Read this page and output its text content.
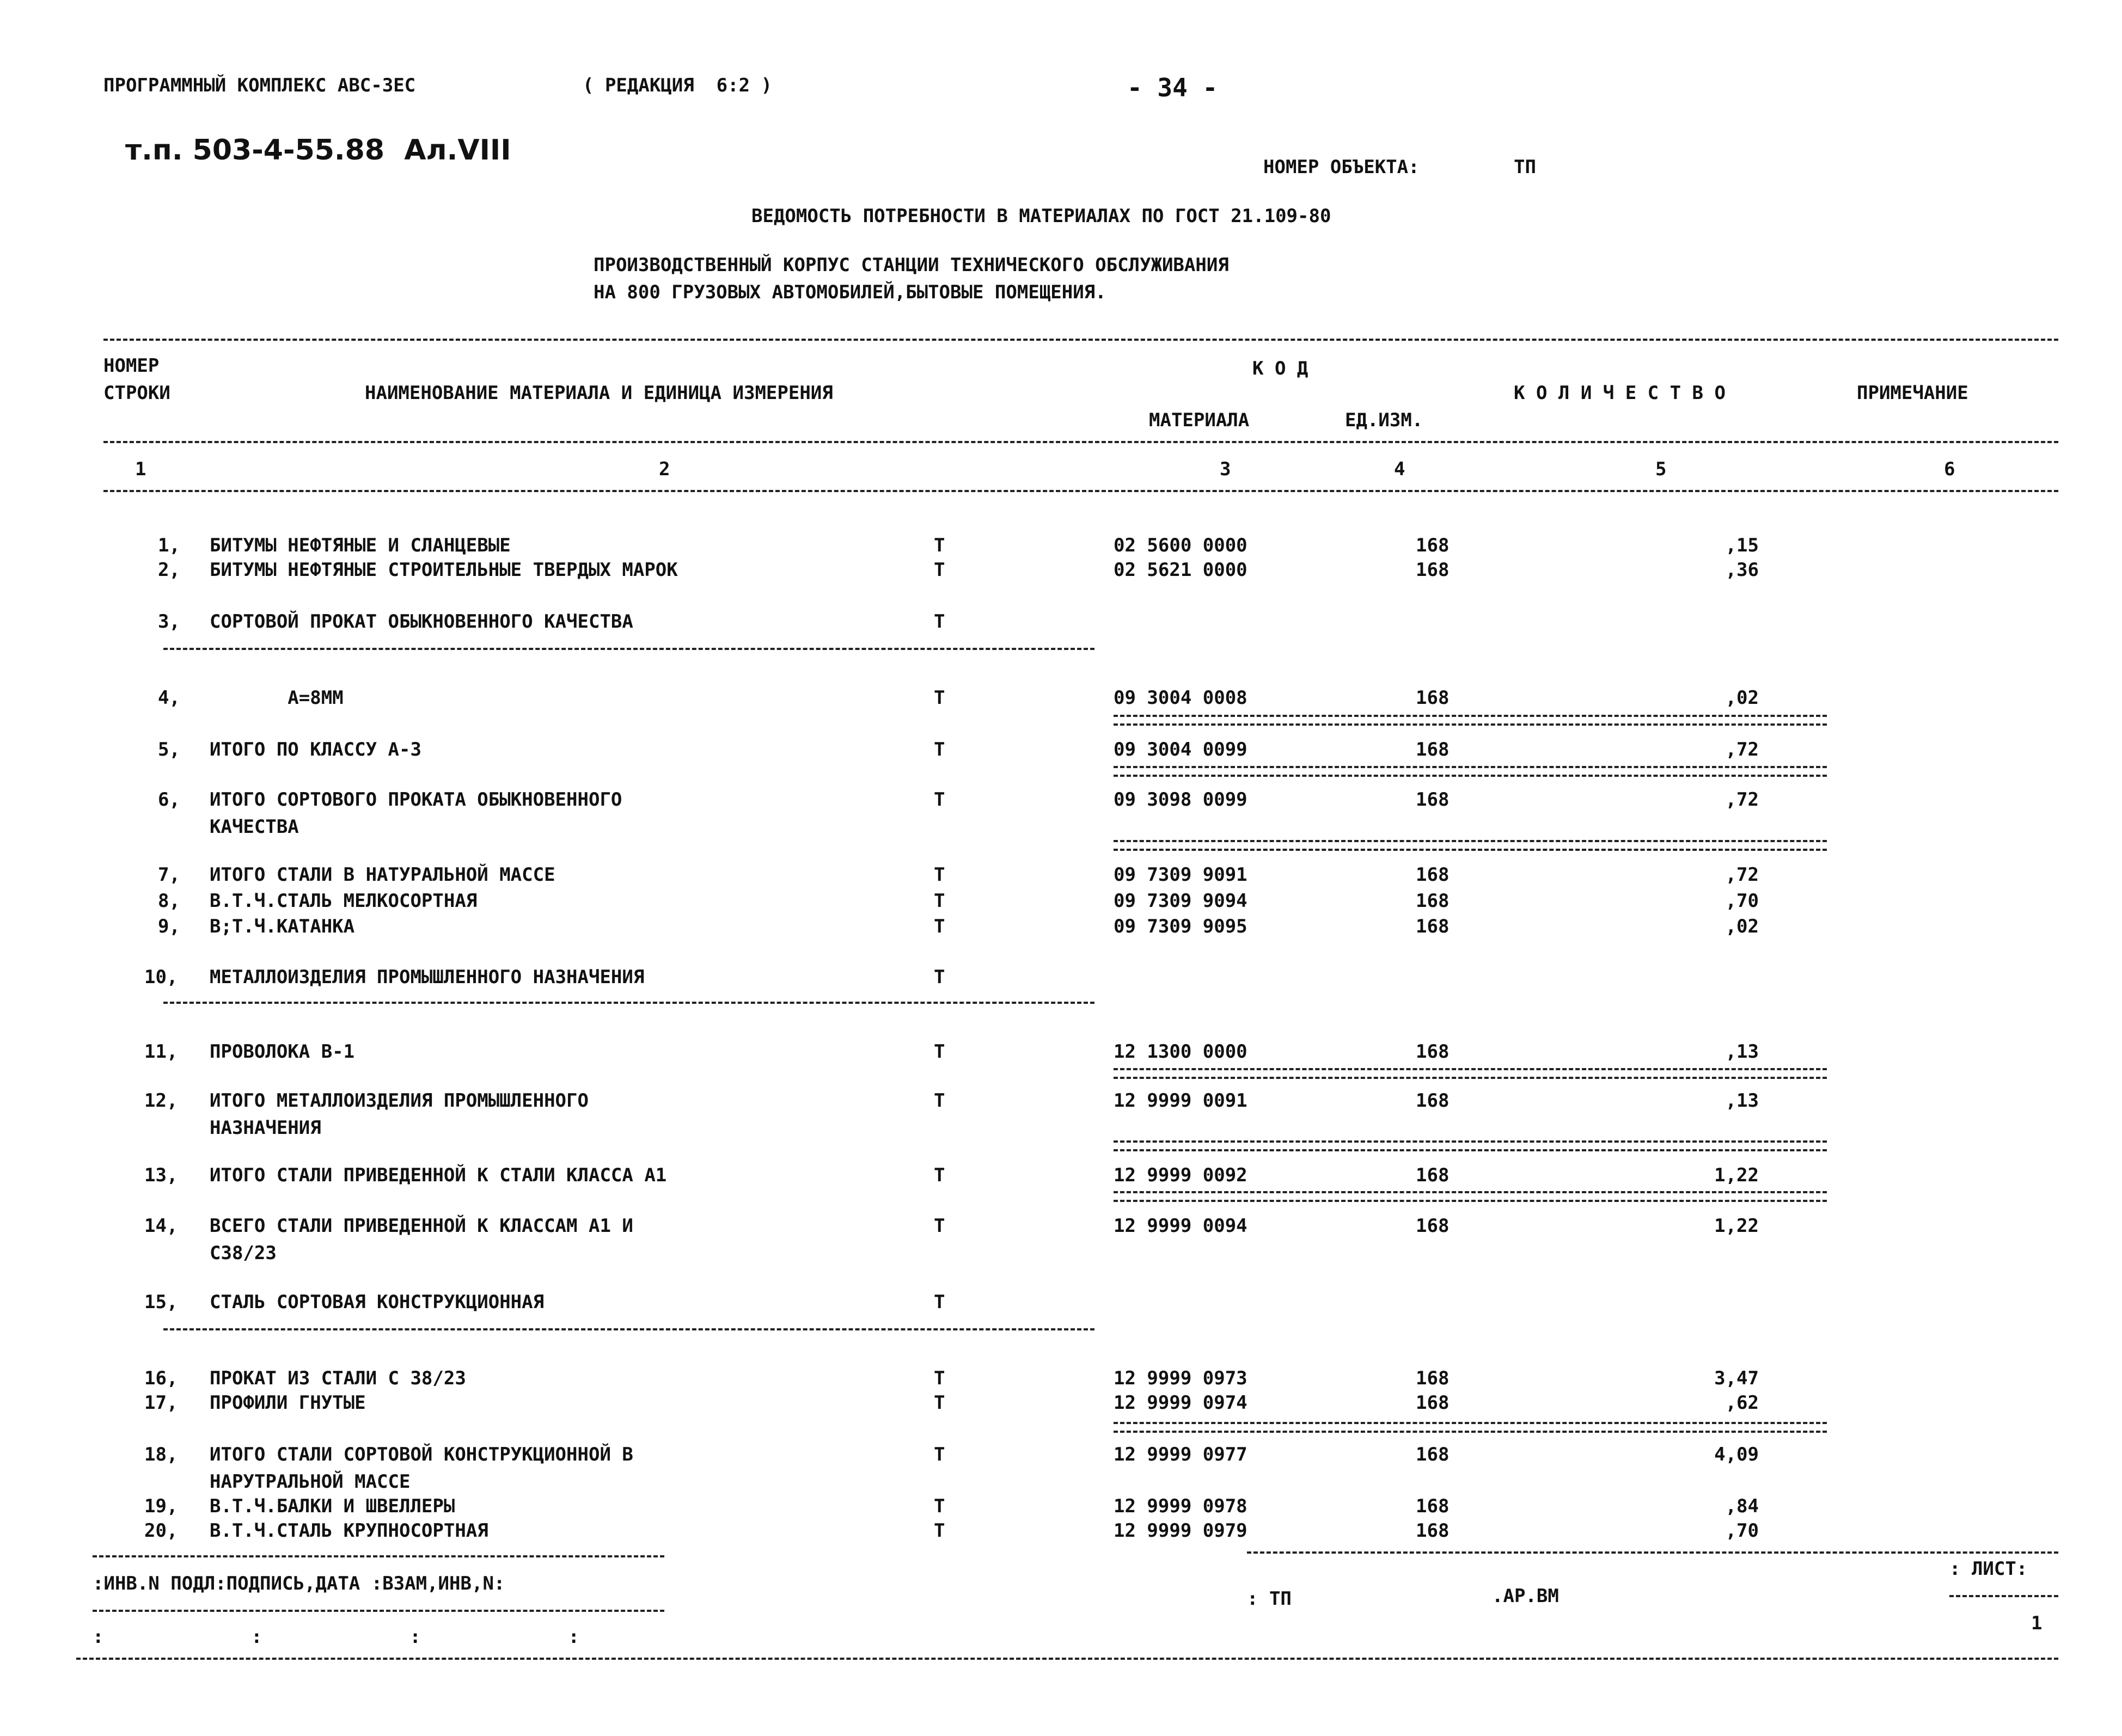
ПРОГРАММНЫЙ КОМПЛЕКС АВС-3ЕС	( РЕДАКЦИЯ  6:2 )	- 34 -
т.п. 503-4-55.88  Ал.VIII
НОМЕР ОБЪЕКТА:	ТП
ВЕДОМОСТЬ ПОТРЕБНОСТИ В МАТЕРИАЛАХ ПО ГОСТ 21.109-80
ПРОИЗВОДСТВЕННЫЙ КОРПУС СТАНЦИИ ТЕХНИЧЕСКОГО ОБСЛУЖИВАНИЯ
НА 800 ГРУЗОВЫХ АВТОМОБИЛЕЙ,БЫТОВЫЕ ПОМЕЩЕНИЯ.
НОМЕР
СТРОКИ	НАИМЕНОВАНИЕ МАТЕРИАЛА И ЕДИНИЦА ИЗМЕРЕНИЯ
К О Д
МАТЕРИАЛА	ЕД.ИЗМ.
К О Л И Ч Е С Т В О	ПРИМЕЧАНИЕ
1	2	3	4	5	6
1, БИТУМЫ НЕФТЯНЫЕ И СЛАНЦЕВЫЕ	Т	02 5600 0000	168	,15
2, БИТУМЫ НЕФТЯНЫЕ СТРОИТЕЛЬНЫЕ ТВЕРДЫХ МАРОК	Т	02 5621 0000	168	,36
3, СОРТОВОЙ ПРОКАТ ОБЫКНОВЕННОГО КАЧЕСТВА	Т
4, А=8ММ	Т	09 3004 0008	168	,02
5, ИТОГО ПО КЛАССУ А-3	Т	09 3004 0099	168	,72
6, ИТОГО СОРТОВОГО ПРОКАТА ОБЫКНОВЕННОГО
КАЧЕСТВА
Т	09 3098 0099	168	,72
7, ИТОГО СТАЛИ В НАТУРАЛЬНОЙ МАССЕ	Т	09 7309 9091	168	,72
8, В.Т.Ч.СТАЛЬ МЕЛКОСОРТНАЯ	Т	09 7309 9094	168	,70
9, В;Т.Ч.КАТАНКА	Т	09 7309 9095	168	,02
10, МЕТАЛЛОИЗДЕЛИЯ ПРОМЫШЛЕННОГО НАЗНАЧЕНИЯ	Т
11, ПРОВОЛОКА В-1	Т	12 1300 0000	168	,13
12, ИТОГО МЕТАЛЛОИЗДЕЛИЯ ПРОМЫШЛЕННОГО
НАЗНАЧЕНИЯ
Т	12 9999 0091	168	,13
13, ИТОГО СТАЛИ ПРИВЕДЕННОЙ К СТАЛИ КЛАССА А1	Т	12 9999 0092	168	1,22
14, ВСЕГО СТАЛИ ПРИВЕДЕННОЙ К КЛАССАМ А1 И
С38/23
Т	12 9999 0094	168	1,22
15, СТАЛЬ СОРТОВАЯ КОНСТРУКЦИОННАЯ	Т
16, ПРОКАТ ИЗ СТАЛИ С 38/23	Т	12 9999 0973	168	3,47
17, ПРОФИЛИ ГНУТЫЕ	Т	12 9999 0974	168	,62
18, ИТОГО СТАЛИ СОРТОВОЙ КОНСТРУКЦИОННОЙ В
НАРУТРАЛЬНОЙ МАССЕ
Т	12 9999 0977	168	4,09
19, В.Т.Ч.БАЛКИ И ШВЕЛЛЕРЫ	Т	12 9999 0978	168	,84
20, В.Т.Ч.СТАЛЬ КРУПНОСОРТНАЯ	Т	12 9999 0979	168	,70
:ИНВ.N ПОДЛ:ПОДПИСЬ,ДАТА :ВЗАМ,ИНВ,N:
:          :          :          :
: ТП	.АР.ВМ
: ЛИСТ:
1
